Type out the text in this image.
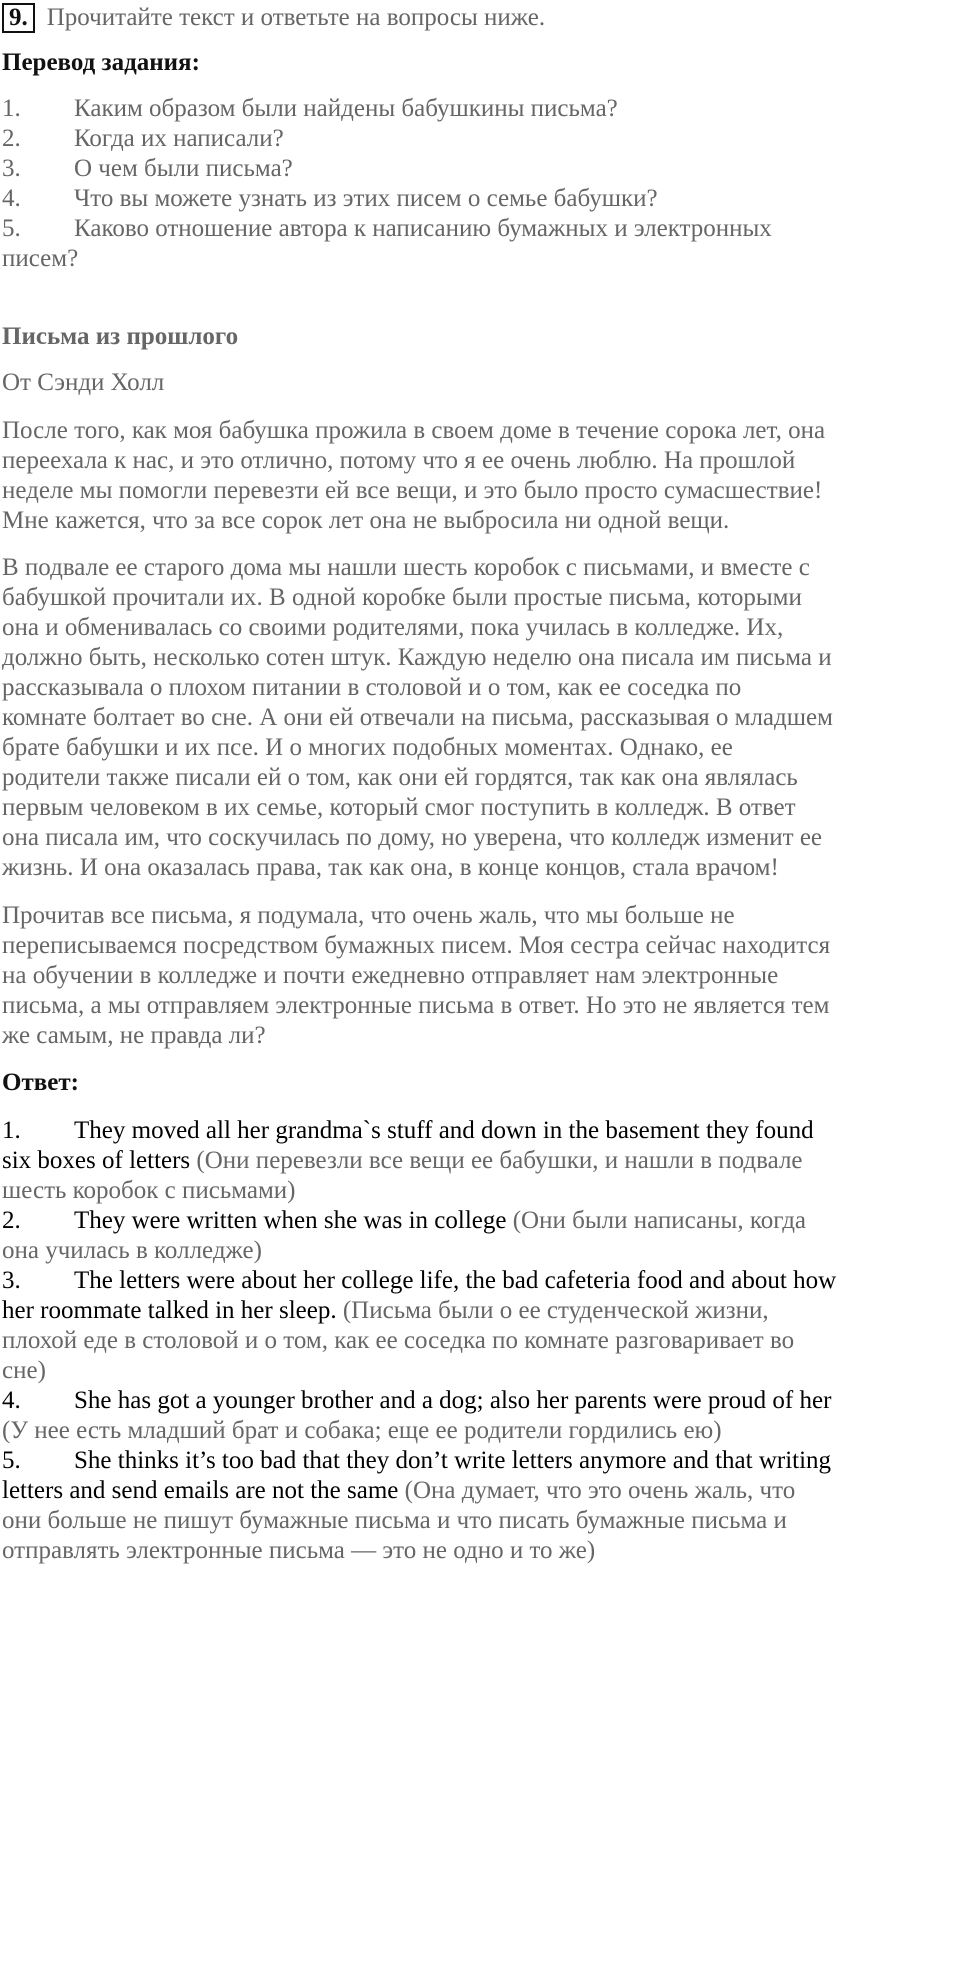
9. Прочитайте текст и ответьте на вопросы ниже.
Перевод задания:
1. Каким образом были найдены бабушкины письма?
2. Когда их написали?
3. О чем были письма?
4. Что вы можете узнать из этих писем о семье бабушки?
5. Каково отношение автора к написанию бумажных и электронных
писем?
Письма из прошлого
От Сэнди Холл
После того, как моя бабушка прожила в своем доме в течение сорока лет, она
переехала к нас, и это отлично, потому что я ее очень люблю. На прошлой
неделе мы помогли перевезти ей все вещи, и это было просто сумасшествие!
Мне кажется, что за все сорок лет она не выбросила ни одной вещи.
В подвале ее старого дома мы нашли шесть коробок с письмами, и вместе с
бабушкой прочитали их. В одной коробке были простые письма, которыми
она и обменивалась со своими родителями, пока училась в колледже. Их,
должно быть, несколько сотен штук. Каждую неделю она писала им письма и
рассказывала о плохом питании в столовой и о том, как ее соседка по
комнате болтает во сне. А они ей отвечали на письма, рассказывая о младшем
брате бабушки и их псе. И о многих подобных моментах. Однако, ее
родители также писали ей о том, как они ей гордятся, так как она являлась
первым человеком в их семье, который смог поступить в колледж. В ответ
она писала им, что соскучилась по дому, но уверена, что колледж изменит ее
жизнь. И она оказалась права, так как она, в конце концов, стала врачом!
Прочитав все письма, я подумала, что очень жаль, что мы больше не
переписываемся посредством бумажных писем. Моя сестра сейчас находится
на обучении в колледже и почти ежедневно отправляет нам электронные
письма, а мы отправляем электронные письма в ответ. Но это не является тем
же самым, не правда ли?
Ответ:
1. They moved all her grandma`s stuff and down in the basement they found
six boxes of letters (Они перевезли все вещи ее бабушки, и нашли в подвале
шесть коробок с письмами)
2. They were written when she was in college (Они были написаны, когда
она училась в колледже)
3. The letters were about her college life, the bad cafeteria food and about how
her roommate talked in her sleep. (Письма были о ее студенческой жизни,
плохой еде в столовой и о том, как ее соседка по комнате разговаривает во
сне)
4. She has got a younger brother and a dog; also her parents were proud of her
(У нее есть младший брат и собака; еще ее родители гордились ею)
5. She thinks it’s too bad that they don’t write letters anymore and that writing
letters and send emails are not the same (Она думает, что это очень жаль, что
они больше не пишут бумажные письма и что писать бумажные письма и
отправлять электронные письма — это не одно и то же)
